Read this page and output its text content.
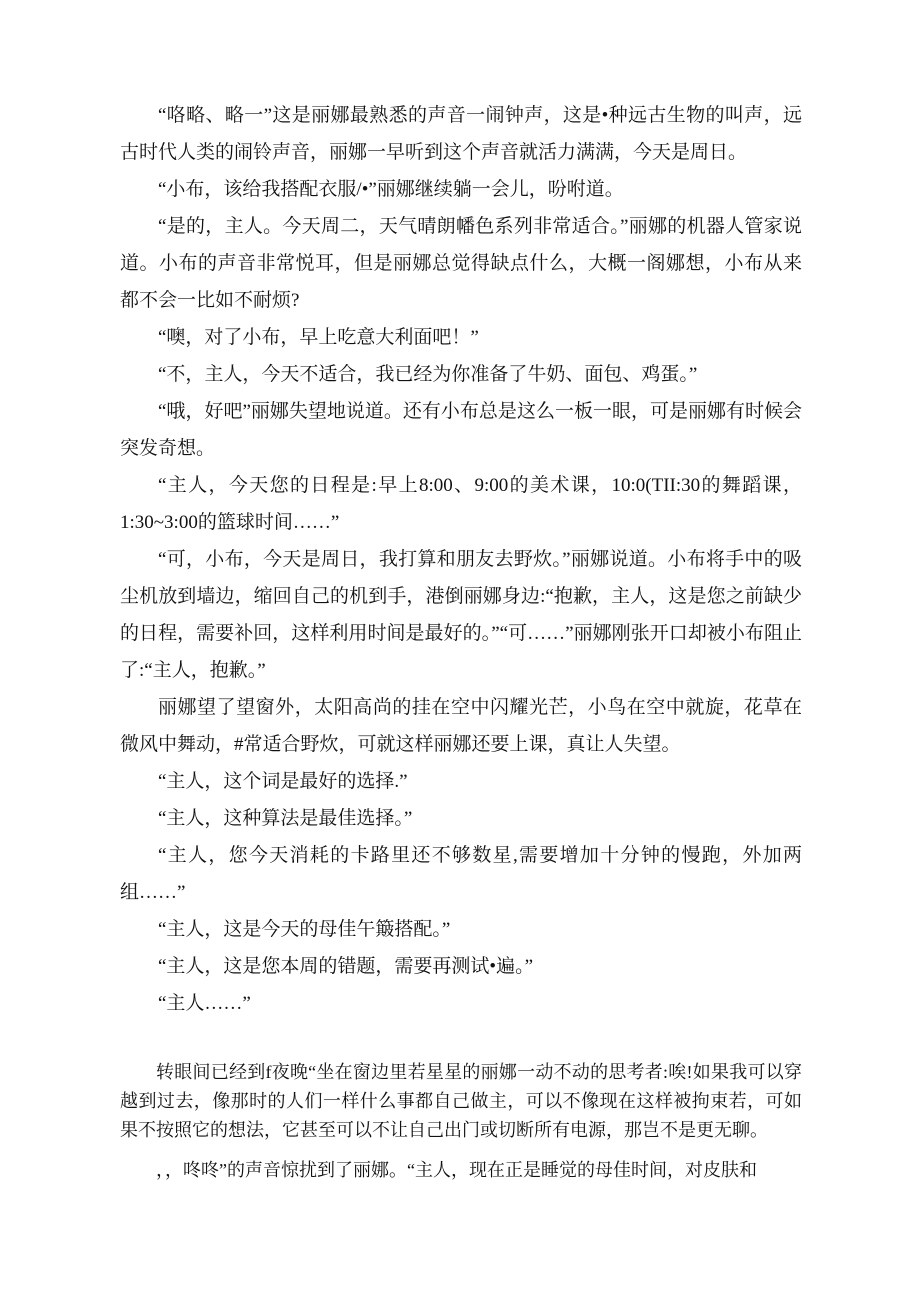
“咯略、略一”这是丽娜最熟悉的声音一闹钟声，这是•种远古生物的叫声，远古时代人类的闹铃声音，丽娜一早听到这个声音就活力满满，今天是周日。

“小布，该给我搭配衣服/•”丽娜继续躺一会儿，吩咐道。

“是的，主人。今天周二，天气晴朗幡色系列非常适合。”丽娜的机器人管家说道。小布的声音非常悦耳，但是丽娜总觉得缺点什么，大概一阁娜想，小布从来都不会一比如不耐烦?

“噢，对了小布，早上吃意大利面吧！”

“不，主人，今天不适合，我已经为你准备了牛奶、面包、鸡蛋。”

“哦，好吧”丽娜失望地说道。还有小布总是这么一板一眼，可是丽娜有时候会突发奇想。

“主人，今天您的日程是:早上8:00、9:00的美术课，10:0(TII:30的舞蹈课，1:30~3:00的篮球时间……”

“可，小布，今天是周日，我打算和朋友去野炊。”丽娜说道。小布将手中的吸尘机放到墙边，缩回自己的机到手，港倒丽娜身边:“抱歉，主人，这是您之前缺少的日程，需要补回，这样利用时间是最好的。”“可……”丽娜刚张开口却被小布阻止了:“主人，抱歉。”

丽娜望了望窗外，太阳高尚的挂在空中闪耀光芒，小鸟在空中就旋，花草在微风中舞动，#常适合野炊，可就这样丽娜还要上课，真让人失望。

“主人，这个词是最好的选择.”

“主人，这种算法是最佳选择。”

“主人，您今天消耗的卡路里还不够数星,需要增加十分钟的慢跑，外加两组……”

“主人，这是今天的母佳午簸搭配。”

“主人，这是您本周的错题，需要再测试•遍。”

“主人……”

转眼间已经到f夜晚“坐在窗边里若星星的丽娜一动不动的思考者:唉!如果我可以穿越到过去，像那时的人们一样什么事都自己做主，可以不像现在这样被拘束若，可如果不按照它的想法，它甚至可以不让自己出门或切断所有电源，那岂不是更无聊。

，，咚咚”的声音惊扰到了丽娜。“主人，现在正是睡觉的母佳时间，对皮肤和
